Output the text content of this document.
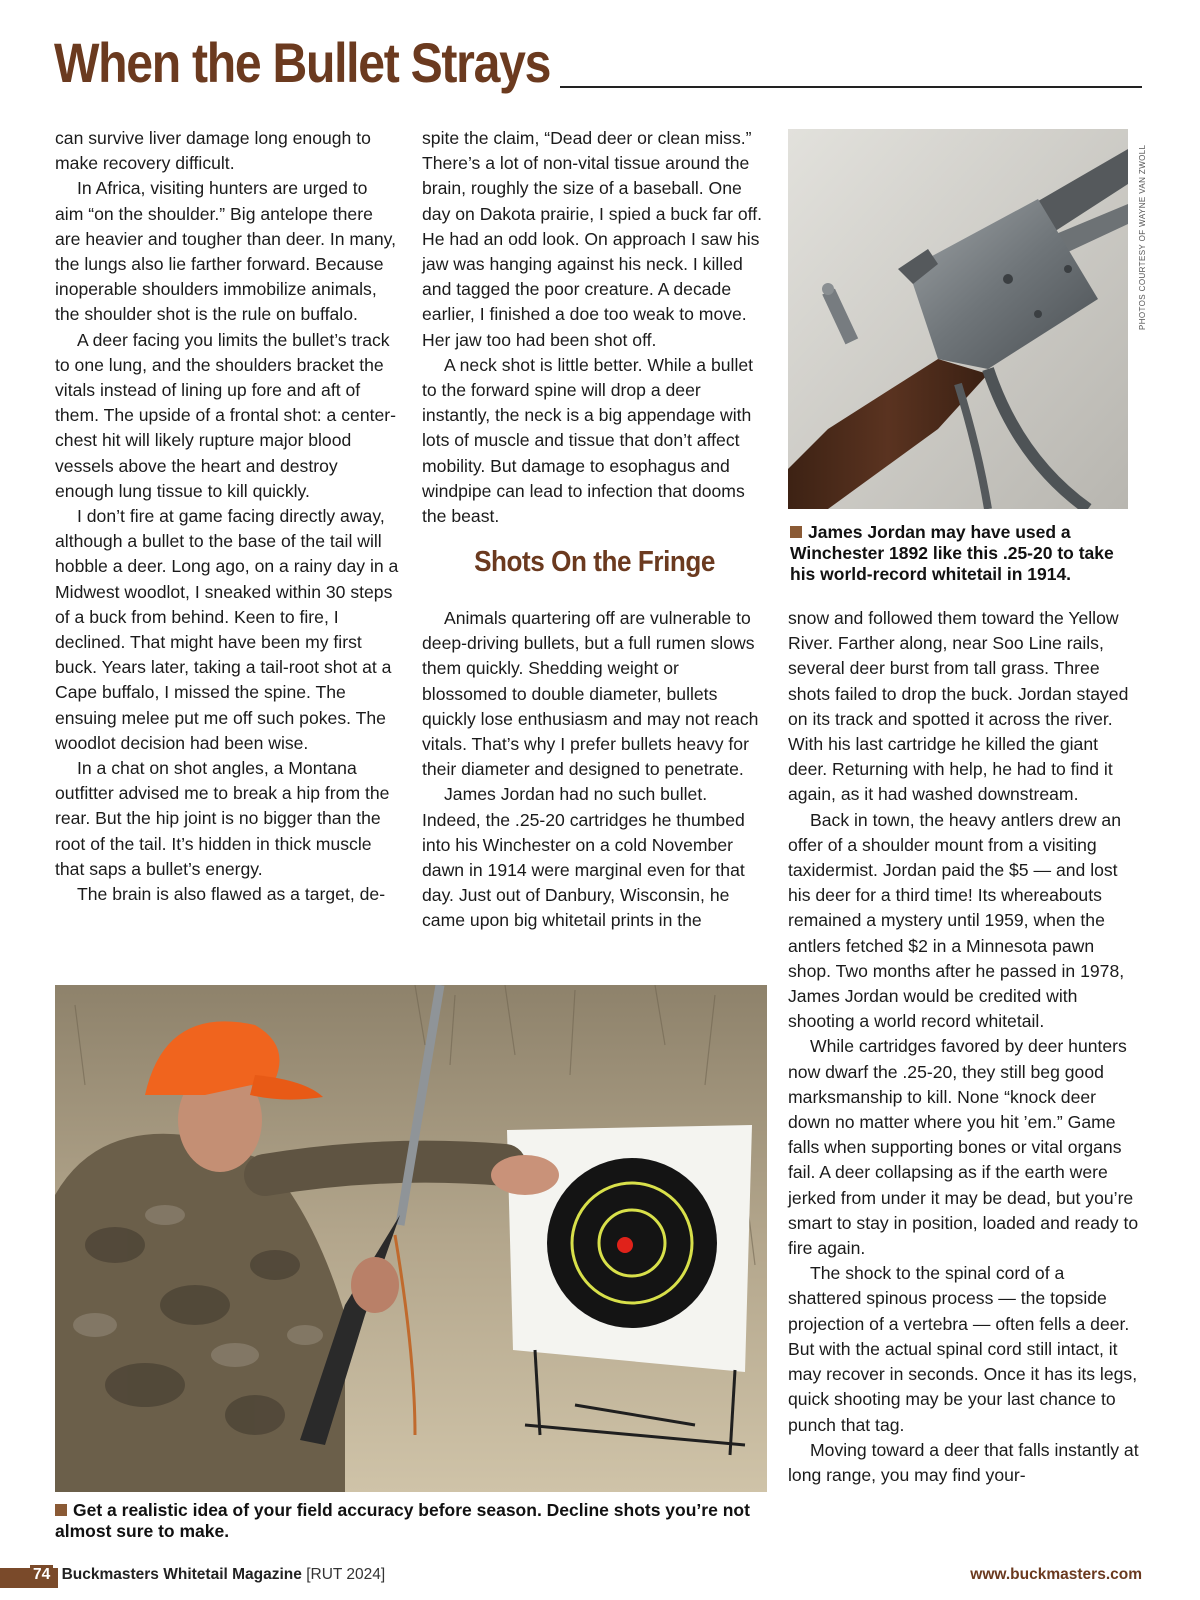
When the Bullet Strays

can survive liver damage long enough to make recovery difficult.

In Africa, visiting hunters are urged to aim “on the shoulder.” Big antelope there are heavier and tougher than deer. In many, the lungs also lie farther forward. Because inoperable shoulders immobilize animals, the shoulder shot is the rule on buffalo.

A deer facing you limits the bullet’s track to one lung, and the shoulders bracket the vitals instead of lining up fore and aft of them. The upside of a frontal shot: a center-chest hit will likely rupture major blood vessels above the heart and destroy enough lung tissue to kill quickly.

I don’t fire at game facing directly away, although a bullet to the base of the tail will hobble a deer. Long ago, on a rainy day in a Midwest woodlot, I sneaked within 30 steps of a buck from behind. Keen to fire, I declined. That might have been my first buck. Years later, taking a tail-root shot at a Cape buffalo, I missed the spine. The ensuing melee put me off such pokes. The woodlot decision had been wise.

In a chat on shot angles, a Montana outfitter advised me to break a hip from the rear. But the hip joint is no bigger than the root of the tail. It’s hidden in thick muscle that saps a bullet’s energy.

The brain is also flawed as a target, de-

spite the claim, “Dead deer or clean miss.” There’s a lot of non-vital tissue around the brain, roughly the size of a baseball. One day on Dakota prairie, I spied a buck far off. He had an odd look. On approach I saw his jaw was hanging against his neck. I killed and tagged the poor creature. A decade earlier, I finished a doe too weak to move. Her jaw too had been shot off.

A neck shot is little better. While a bullet to the forward spine will drop a deer instantly, the neck is a big appendage with lots of muscle and tissue that don’t affect mobility. But damage to esophagus and windpipe can lead to infection that dooms the beast.

Shots On the Fringe

Animals quartering off are vulnerable to deep-driving bullets, but a full rumen slows them quickly. Shedding weight or blossomed to double diameter, bullets quickly lose enthusiasm and may not reach vitals. That’s why I prefer bullets heavy for their diameter and designed to penetrate.

James Jordan had no such bullet. Indeed, the .25-20 cartridges he thumbed into his Winchester on a cold November dawn in 1914 were marginal even for that day. Just out of Danbury, Wisconsin, he came upon big whitetail prints in the

snow and followed them toward the Yellow River. Farther along, near Soo Line rails, several deer burst from tall grass. Three shots failed to drop the buck. Jordan stayed on its track and spotted it across the river. With his last cartridge he killed the giant deer. Returning with help, he had to find it again, as it had washed downstream.

Back in town, the heavy antlers drew an offer of a shoulder mount from a visiting taxidermist. Jordan paid the $5 — and lost his deer for a third time! Its whereabouts remained a mystery until 1959, when the antlers fetched $2 in a Minnesota pawn shop. Two months after he passed in 1978, James Jordan would be credited with shooting a world record whitetail.

While cartridges favored by deer hunters now dwarf the .25-20, they still beg good marksmanship to kill. None “knock deer down no matter where you hit ’em.” Game falls when supporting bones or vital organs fail. A deer collapsing as if the earth were jerked from under it may be dead, but you’re smart to stay in position, loaded and ready to fire again.

The shock to the spinal cord of a shattered spinous process — the topside projection of a vertebra — often fells a deer. But with the actual spinal cord still intact, it may recover in seconds. Once it has its legs, quick shooting may be your last chance to punch that tag.

Moving toward a deer that falls instantly at long range, you may find your-

PHOTOS COURTESY OF WAYNE VAN ZWOLL
James Jordan may have used a Winchester 1892 like this .25-20 to take his world-record whitetail in 1914.
Get a realistic idea of your field accuracy before season. Decline shots you’re not almost sure to make.
74 Buckmasters Whitetail Magazine [RUT 2024]	www.buckmasters.com
